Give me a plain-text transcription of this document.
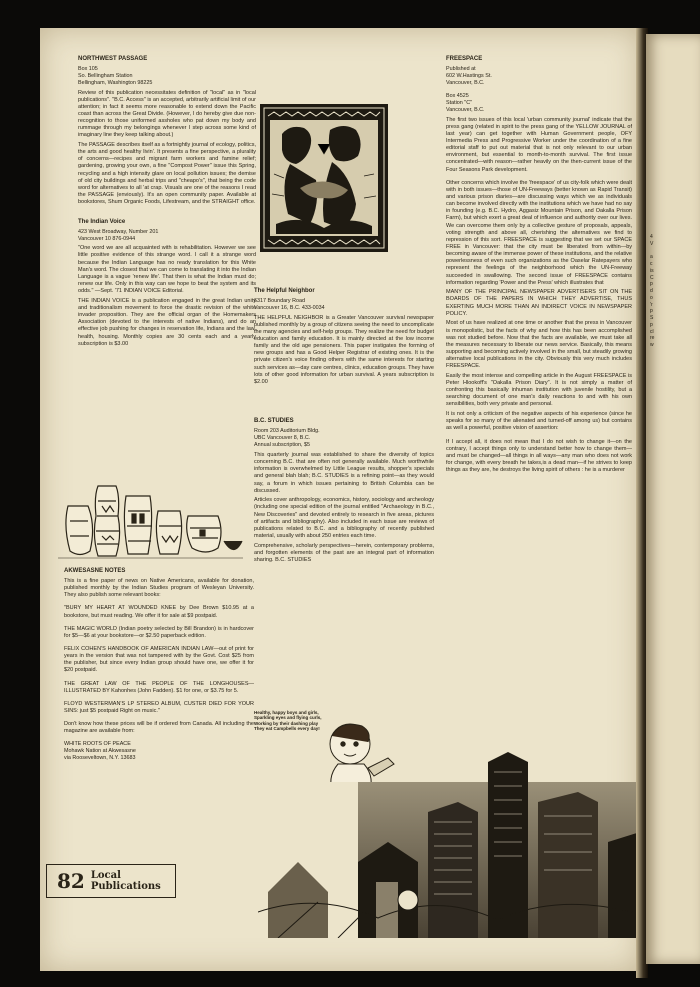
NORTHWEST PASSAGE

Box 105
So. Bellingham Station
Bellingham, Washington 98225

Review of this publication necessitates definition of "local" as in "local publications". "B.C. Access" is an accepted, arbitrarily artificial limit of our attention; in fact it seems more reasonable to extend down the Pacific coast than across the Great Divide. (However, I do hereby give due non-recognition to those uniformed assholes who pat down my body and rummage through my belongings whenever I step across some kind of imaginary line they keep talking about.)

The PASSAGE describes itself as a fortnightly journal of ecology, politics, the arts and good healthy livin'. It presents a fine perspective, a plurality of concerns—recipes and migrant farm workers and famine relief; gardening, growing your own, a fine "Compost Power" issue this Spring, recycling and a high intensity glare on local pollution issues; the demise of old city buildings and herbal trips and "cheapo's", that being the code word for alternatives to all 'at crap. Visuals are one of the reasons I read the PASSAGE (enviously). It's an open community paper. Available at bookstores, Shum Organic Foods, Lifestream, and the STRAIGHT office.

The Indian Voice

423 West Broadway, Number 201
Vancouver 10 876-0944

"One word we are all acquainted with is rehabilitation. However we see little positive evidence of this strange word. I call it a strange word because the Indian Language has no ready translation for this White Man's word. The closest that we can come to translating it into the Indian Language is a vague 'renew life'. That then is what the Indian must do; renew our life. Only in this way can we hope to beat the system and its odds." —Sept. '71 INDIAN VOICE Editorial.

THE INDIAN VOICE is a publication engaged in the great Indian unity and traditionalism movement to force the drastic revision of the white invader proposition. They are the official organ of the Homemakers Association (devoted to the interests of native Indians), and do an effective job pushing for changes in reservation life, Indians and the law, health, housing. Monthly copies are 30 cents each and a yearly subscription is $3.00

AKWESASNE NOTES

This is a fine paper of news on Native Americans, available for donation, published monthly by the Indian Studies program of Wesleyan University. They also publish some relevant books:

"BURY MY HEART AT WOUNDED KNEE by Dee Brown $10.95 at a bookstore, but must reading. We offer it for sale at $9 postpaid.

THE MAGIC WORLD (Indian poetry selected by Bill Brandon) is in hardcover for $5—$6 at your bookstore—or $2.50 paperback edition.

FELIX COHEN'S HANDBOOK OF AMERICAN INDIAN LAW—out of print for years in the version that was not tampered with by the Govt. Cost $25 from the publisher, but since every Indian group should have one, we offer it for $20 postpaid.

THE GREAT LAW OF THE PEOPLE OF THE LONGHOUSES—ILLUSTRATED BY Kahonhes (John Fadden). $1 for one, or $3.75 for 5.

FLOYD WESTERMAN'S LP STEREO ALBUM, CUSTER DIED FOR YOUR SINS: just $5 postpaid Right on music."

Don't know how these prices will be if ordered from Canada. All including the magazine are available from:

WHITE ROOTS OF PEACE
Mohawk Nation at Akwesasne
via Rooseveltown, N.Y. 13683

The Helpful Neighbor

6317 Boundary Road
Vancouver 16, B.C. 433-0034

THE HELPFUL NEIGHBOR is a Greater Vancouver survival newspaper published monthly by a group of citizens seeing the need to uncomplicate the many agencies and self-help groups. They realize the need for budget education and family education. It is mainly directed at the low income family and the old age pensioners. This paper instigates the forming of new groups and has a Good Helper Registrar of existing ones. It is the private citizen's voice finding others with the same interests for starting such services as—day care centres, clinics, education groups. They have lots of other good information for urban survival. A years subscription is $2.00

B.C. STUDIES

Room 203 Auditorium Bldg.
UBC Vancouver 8, B.C.
Annual subscription, $5

This quarterly journal was established to share the diversity of topics concerning B.C. that are often not generally available. Much worthwhile information is overwhelmed by Little League results, shopper's specials and general blah blah; B.C. STUDIES is a refining point—as they would say, a forum in which issues pertaining to British Columbia can be discussed.

Articles cover anthropology, economics, history, sociology and archeology (including one special edition of the journal entitled "Archaeology in B.C., New Discoveries" and devoted entirely to research in five areas, pictures of artifacts and bibliography). Also included in each issue are reviews of publications related to B.C. and a bibliography of recently published material, usually with about 250 entries each time.

Comprehensive, scholarly perspectives—herein, contemporary problems, and forgotten elements of the past are an integral part of information sharing. B.C. STUDIES

FREESPACE

Published at
602 W.Hastings St.
Vancouver, B.C.

Box 4525
Station "C"
Vancouver, B.C.

The first two issues of this local 'urban community journal' indicate that the press gang (related in spirit to the press gang of the YELLOW JOURNAL of last year) can get together with Human Government people, OFY Intermedia Press and Progressive Worker under the coordination of a fine editorial staff to put out material that is not only relevant to our urban environment, but essential to month-to-month survival. The first issue concentrated—with reason—rather heavily on the then-current issue of the Four Seasons Park development.

Other concerns which involve the 'freespace' of us city-folk which were dealt with in both issues—those of UN-Freeways (better known as Rapid Transit) and various prison diaries—are discussing ways which we as individuals can become involved directly with the institutions which we have had no say in founding (e.g. B.C. Hydro, Aggasiz Mountain Prison, and Oakalla Prison Farm), but which exert a great deal of influence and authority over our lives. We can overcome them only by a collective gesture of proposals, appeals, voting strength and above all, cherishing the alternatives we find to repression of this sort. FREESPACE is suggesting that we set our SPACE FREE in Vancouver: that the city must be liberated from within—by becoming aware of the immense power of these institutions, and the relative powerlessness of even such organizations as the Oaselar Ratepayers who represent the feelings of the neighborhood which the UN-Freeway succeeded in swallowing. The second issue of FREESPACE contains information regarding 'Power and the Press' which illustrates that

MANY OF THE PRINCIPAL NEWSPAPER ADVERTISERS SIT ON THE BOARDS OF THE PAPERS IN WHICH THEY ADVERTISE, THUS EXERTING MUCH MORE THAN AN INDIRECT VOICE IN NEWSPAPER POLICY.

Most of us have realized at one time or another that the press in Vancouver is monopolistic, but the facts of why and how this has been accomplished was not studied before. Now that the facts are available, we must take all the measures necessary to liberate our news service. Basically, this means supporting and becoming actively involved in the small, but steadily growing alternative local publications in the city. Obviously this very much includes FREESPACE.

Easily the most intense and compelling article in the August FREESPACE is Peter Hlookoff's "Oakalla Prison Diary". It is not simply a matter of confronting this basically inhuman institution with juvenile hostility, but a searching document of one man's daily reactions to and with his own sensibilities, both very private and personal.

It is not only a criticism of the negative aspects of his experience (since he speaks for so many of the alienated and turned-off among us) but contains as well a powerful, positive vision of assertion:

If I accept all, it does not mean that I do not wish to change it—on the contrary, I accept things only to understand better how to change them—and must be changed—all things in all ways—any man who does not work for change, with every breath he takes,is a dead man—if he strives to keep things as they are, he destroys the living spirit of others : he is a murderer

Healthy, happy boys and girls,
Sparkling eyes and flying curls,
Working by their dashing play
They eat Campbells every day!
82 Local Publications
4
V

a
c
is
C
p
d
o
'r
p
S
p
cl
re
w
